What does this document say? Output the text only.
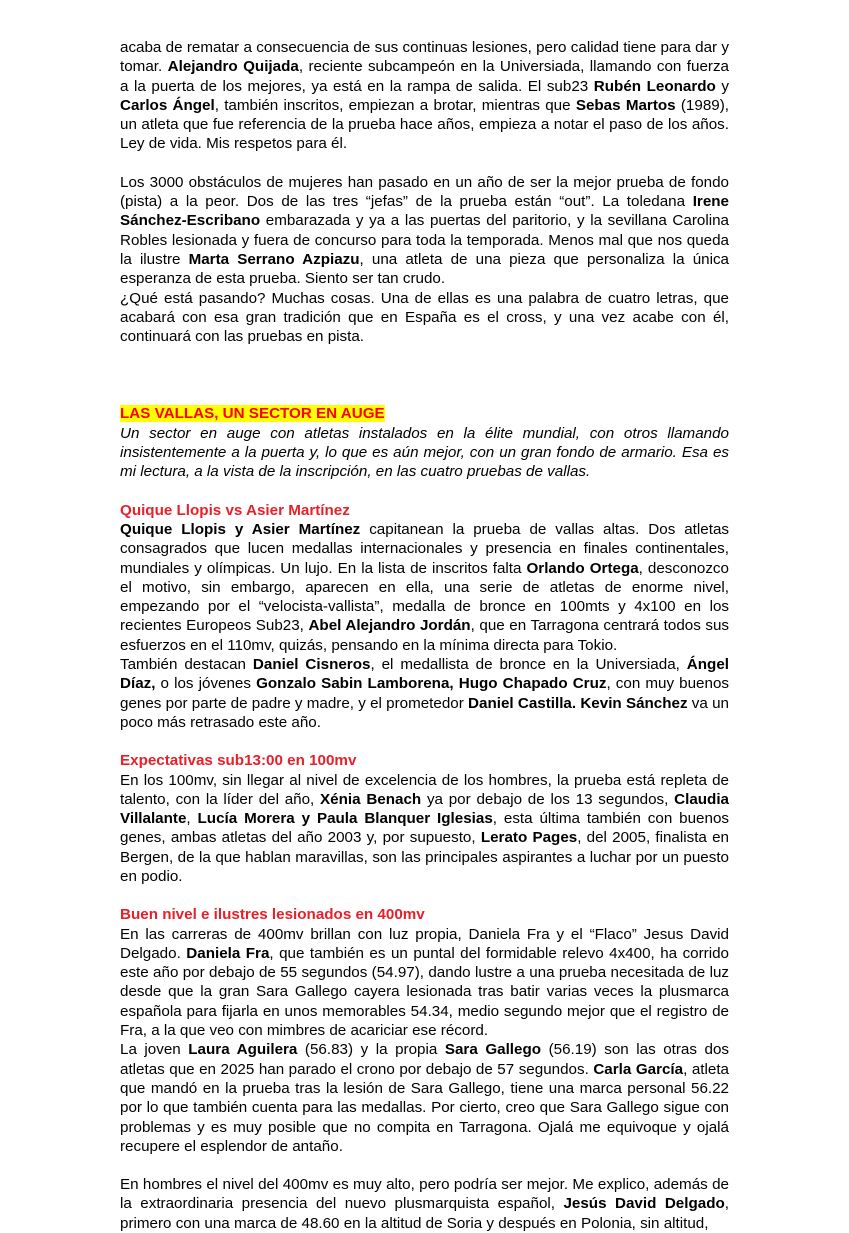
acaba de rematar a consecuencia de sus continuas lesiones, pero calidad tiene para dar y tomar. Alejandro Quijada, reciente subcampeón en la Universiada, llamando con fuerza a la puerta de los mejores, ya está en la rampa de salida. El sub23 Rubén Leonardo y Carlos Ángel, también inscritos, empiezan a brotar, mientras que Sebas Martos (1989), un atleta que fue referencia de la prueba hace años, empieza a notar el paso de los años. Ley de vida. Mis respetos para él.

Los 3000 obstáculos de mujeres han pasado en un año de ser la mejor prueba de fondo (pista) a la peor. Dos de las tres “jefas” de la prueba están “out”. La toledana Irene Sánchez-Escribano embarazada y ya a las puertas del paritorio, y la sevillana Carolina Robles lesionada y fuera de concurso para toda la temporada. Menos mal que nos queda la ilustre Marta Serrano Azpiazu, una atleta de una pieza que personaliza la única esperanza de esta prueba. Siento ser tan crudo.

¿Qué está pasando? Muchas cosas. Una de ellas es una palabra de cuatro letras, que acabará con esa gran tradición que en España es el cross, y una vez acabe con él, continuará con las pruebas en pista.

LAS VALLAS, UN SECTOR EN AUGE

Un sector en auge con atletas instalados en la élite mundial, con otros llamando insistentemente a la puerta y, lo que es aún mejor, con un gran fondo de armario. Esa es mi lectura, a la vista de la inscripción, en las cuatro pruebas de vallas.

Quique Llopis vs Asier Martínez

Quique Llopis y Asier Martínez capitanean la prueba de vallas altas. Dos atletas consagrados que lucen medallas internacionales y presencia en finales continentales, mundiales y olímpicas. Un lujo. En la lista de inscritos falta Orlando Ortega, desconozco el motivo, sin embargo, aparecen en ella, una serie de atletas de enorme nivel, empezando por el “velocista-vallista”, medalla de bronce en 100mts y 4x100 en los recientes Europeos Sub23, Abel Alejandro Jordán, que en Tarragona centrará todos sus esfuerzos en el 110mv, quizás, pensando en la mínima directa para Tokio.

También destacan Daniel Cisneros, el medallista de bronce en la Universiada, Ángel Díaz, o los jóvenes Gonzalo Sabin Lamborena, Hugo Chapado Cruz, con muy buenos genes por parte de padre y madre, y el prometedor Daniel Castilla. Kevin Sánchez va un poco más retrasado este año.

Expectativas sub13:00 en 100mv

En los 100mv, sin llegar al nivel de excelencia de los hombres, la prueba está repleta de talento, con la líder del año, Xénia Benach ya por debajo de los 13 segundos, Claudia Villalante, Lucía Morera y Paula Blanquer Iglesias, esta última también con buenos genes, ambas atletas del año 2003 y, por supuesto, Lerato Pages, del 2005, finalista en Bergen, de la que hablan maravillas, son las principales aspirantes a luchar por un puesto en podio.

Buen nivel e ilustres lesionados en 400mv

En las carreras de 400mv brillan con luz propia, Daniela Fra y el “Flaco” Jesus David Delgado. Daniela Fra, que también es un puntal del formidable relevo 4x400, ha corrido este año por debajo de 55 segundos (54.97), dando lustre a una prueba necesitada de luz desde que la gran Sara Gallego cayera lesionada tras batir varias veces la plusmarca española para fijarla en unos memorables 54.34, medio segundo mejor que el registro de Fra, a la que veo con mimbres de acariciar ese récord.

La joven Laura Aguilera (56.83) y la propia Sara Gallego (56.19) son las otras dos atletas que en 2025 han parado el crono por debajo de 57 segundos. Carla García, atleta que mandó en la prueba tras la lesión de Sara Gallego, tiene una marca personal 56.22 por lo que también cuenta para las medallas. Por cierto, creo que Sara Gallego sigue con problemas y es muy posible que no compita en Tarragona. Ojalá me equivoque y ojalá recupere el esplendor de antaño.

En hombres el nivel del 400mv es muy alto, pero podría ser mejor. Me explico, además de la extraordinaria presencia del nuevo plusmarquista español, Jesús David Delgado, primero con una marca de 48.60 en la altitud de Soria y después en Polonia, sin altitud,
